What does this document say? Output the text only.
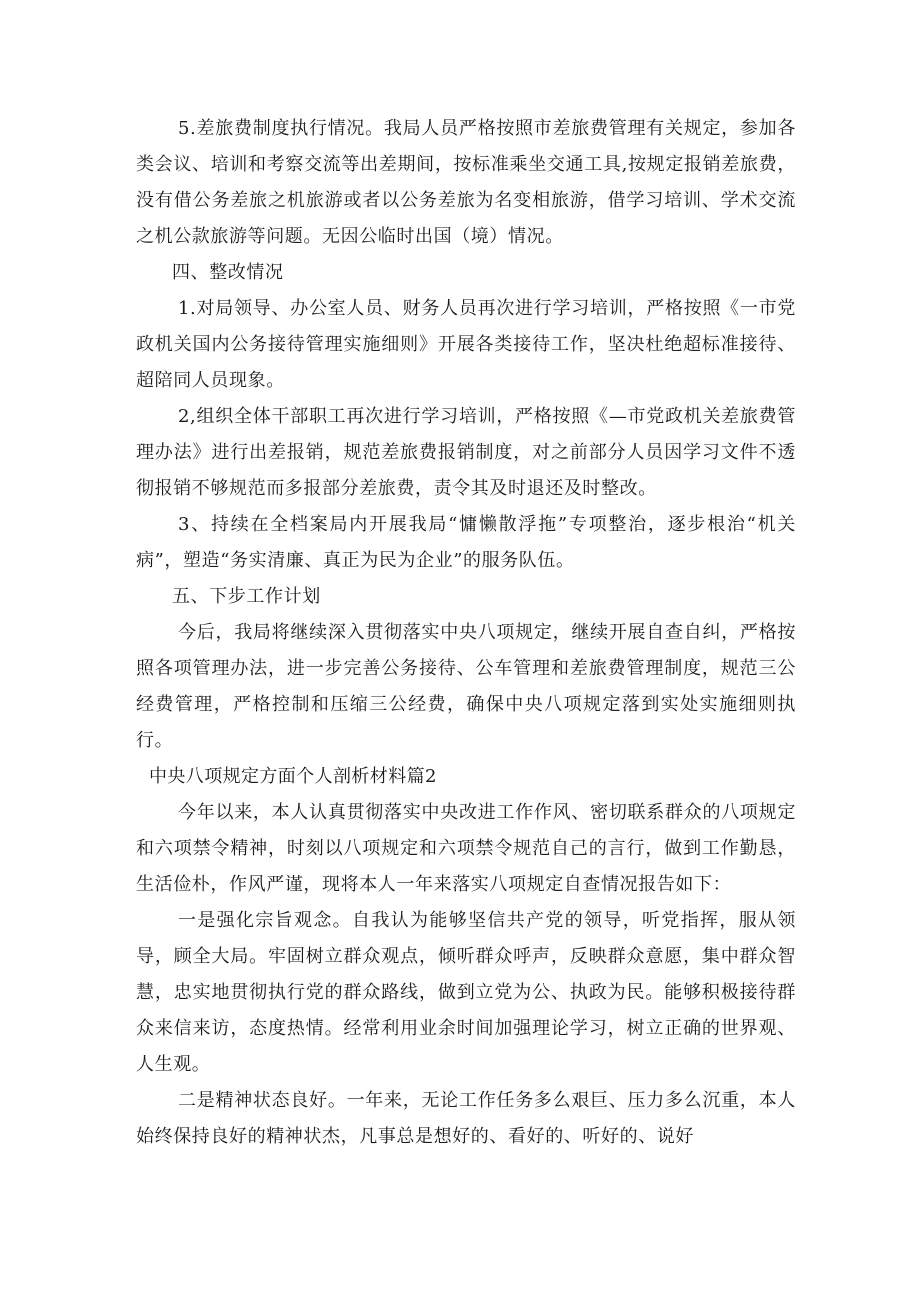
5.差旅费制度执行情况。我局人员严格按照市差旅费管理有关规定，参加各类会议、培训和考察交流等出差期间，按标准乘坐交通工具,按规定报销差旅费，没有借公务差旅之机旅游或者以公务差旅为名变相旅游，借学习培训、学术交流之机公款旅游等问题。无因公临时出国（境）情况。

四、整改情况

1.对局领导、办公室人员、财务人员再次进行学习培训，严格按照《一市党政机关国内公务接待管理实施细则》开展各类接待工作，坚决杜绝超标准接待、超陪同人员现象。

2,组织全体干部职工再次进行学习培训，严格按照《—市党政机关差旅费管理办法》进行出差报销，规范差旅费报销制度，对之前部分人员因学习文件不透彻报销不够规范而多报部分差旅费，责令其及时退还及时整改。

3、持续在全档案局内开展我局“慵懒散浮拖”专项整治，逐步根治“机关病”，塑造“务实清廉、真正为民为企业”的服务队伍。

五、下步工作计划

今后，我局将继续深入贯彻落实中央八项规定，继续开展自查自纠，严格按照各项管理办法，进一步完善公务接待、公车管理和差旅费管理制度，规范三公经费管理，严格控制和压缩三公经费，确保中央八项规定落到实处实施细则执行。

中央八项规定方面个人剖析材料篇2

今年以来，本人认真贯彻落实中央改进工作作风、密切联系群众的八项规定和六项禁令精神，时刻以八项规定和六项禁令规范自己的言行，做到工作勤恳，生活俭朴，作风严谨，现将本人一年来落实八项规定自查情况报告如下：

一是强化宗旨观念。自我认为能够坚信共产党的领导，听党指挥，服从领导，顾全大局。牢固树立群众观点，倾听群众呼声，反映群众意愿，集中群众智慧，忠实地贯彻执行党的群众路线，做到立党为公、执政为民。能够积极接待群众来信来访，态度热情。经常利用业余时间加强理论学习，树立正确的世界观、人生观。

二是精神状态良好。一年来，无论工作任务多么艰巨、压力多么沉重，本人始终保持良好的精神状杰，凡事总是想好的、看好的、听好的、说好
